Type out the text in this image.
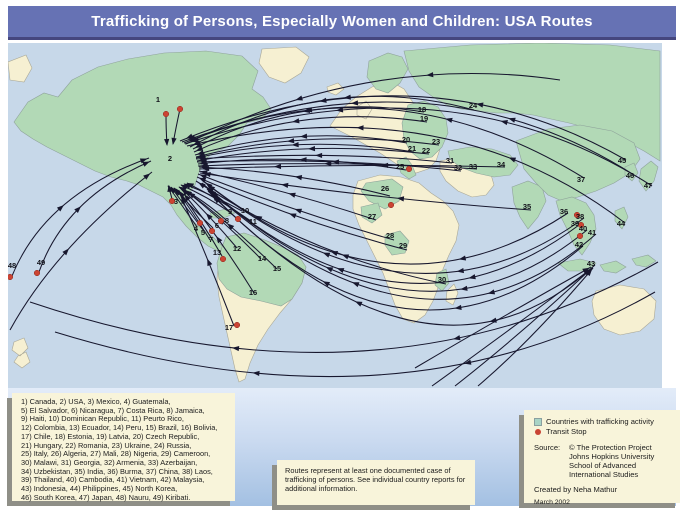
Trafficking of Persons, Especially Women and Children: USA Routes
1
2
3
4 5
6
7
8
9 10
11
12
13
14
15
16
17
18
19
20
21 22
23
24
25
26
27
28
29
30
31
32 33	34
35
36
37
38
39
40 41
42
43
44
45
46
47
48	49
1) Canada, 2) USA, 3) Mexico, 4) Guatemala,
5) El Salvador, 6) Nicaragua, 7) Costa Rica, 8) Jamaica,
9) Haiti, 10) Dominican Republic, 11) Peurto Rico,
12) Colombia, 13) Ecuador, 14) Peru, 15) Brazil, 16) Bolivia,
17) Chile, 18) Estonia, 19) Latvia, 20) Czech Republic,
21) Hungary, 22) Romania, 23) Ukraine, 24) Russia,
25) Italy, 26) Algeria, 27) Mali, 28) Nigeria, 29) Cameroon,
30) Malawi, 31) Georgia, 32) Armenia, 33) Azerbaijan,
34) Uzbekistan, 35) India, 36) Burma, 37) China, 38) Laos,
39) Thailand, 40) Cambodia, 41) Vietnam, 42) Malaysia,
43) Indonesia, 44) Philippines, 45) North Korea,
46) South Korea, 47) Japan, 48) Nauru, 49) Kiribati.
Routes represent at least one documented case of trafficking of persons. See individual country reports for additional information.
Countries with trafficking activity
Transit Stop
Source:	© The Protection Project
Johns Hopkins University
School of Advanced
International Studies
Created by Neha Mathur
March 2002
